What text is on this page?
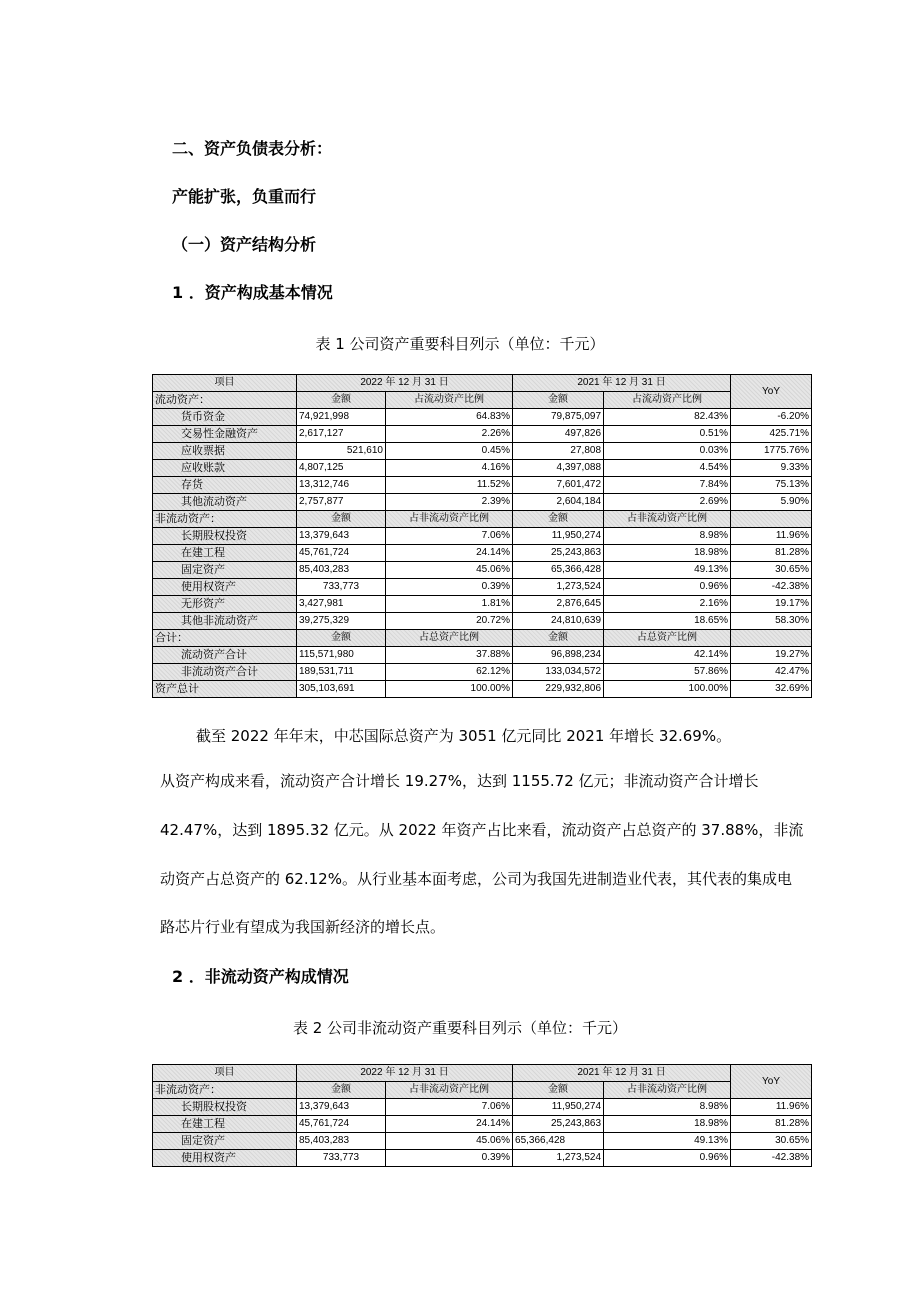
二、资产负债表分析：
产能扩张，负重而行
（一）资产结构分析
1 ．资产构成基本情况
表 1 公司资产重要科目列示（单位：千元）
项目	2022 年 12 月 31 日		2021 年 12 月 31 日		YoY
流动资产：	金额	占流动资产比例	金额	占流动资产比例	
货币资金	74,921,998	64.83%	79,875,097	82.43%	-6.20%
交易性金融资产	2,617,127	2.26%	497,826	0.51%	425.71%
应收票据	521,610	0.45%	27,808	0.03%	1775.76%
应收账款	4,807,125	4.16%	4,397,088	4.54%	9.33%
存货	13,312,746	11.52%	7,601,472	7.84%	75.13%
其他流动资产	2,757,877	2.39%	2,604,184	2.69%	5.90%
非流动资产：	金额	占非流动资产比例	金额	占非流动资产比例	
长期股权投资	13,379,643	7.06%	11,950,274	8.98%	11.96%
在建工程	45,761,724	24.14%	25,243,863	18.98%	81.28%
固定资产	85,403,283	45.06%	65,366,428	49.13%	30.65%
使用权资产	733,773	0.39%	1,273,524	0.96%	-42.38%
无形资产	3,427,981	1.81%	2,876,645	2.16%	19.17%
其他非流动资产	39,275,329	20.72%	24,810,639	18.65%	58.30%
合计：	金额	占总资产比例	金额	占总资产比例	
流动资产合计	115,571,980	37.88%	96,898,234	42.14%	19.27%
非流动资产合计	189,531,711	62.12%	133,034,572	57.86%	42.47%
资产总计	305,103,691	100.00%	229,932,806	100.00%	32.69%
截至 2022 年年末，中芯国际总资产为 3051 亿元同比 2021 年增长 32.69%。
从资产构成来看，流动资产合计增长 19.27%，达到 1155.72 亿元；非流动资产合计增长
42.47%，达到 1895.32 亿元。从 2022 年资产占比来看，流动资产占总资产的 37.88%，非流
动资产占总资产的 62.12%。从行业基本面考虑，公司为我国先进制造业代表，其代表的集成电
路芯片行业有望成为我国新经济的增长点。
2 ．非流动资产构成情况
表 2 公司非流动资产重要科目列示（单位：千元）
项目	2022 年 12 月 31 日		2021 年 12 月 31 日		YoY
非流动资产：	金额	占非流动资产比例	金额	占非流动资产比例	
长期股权投资	13,379,643	7.06%	11,950,274	8.98%	11.96%
在建工程	45,761,724	24.14%	25,243,863	18.98%	81.28%
固定资产	85,403,283	45.06%	65,366,428	49.13%	30.65%
使用权资产	733,773	0.39%	1,273,524	0.96%	-42.38%
